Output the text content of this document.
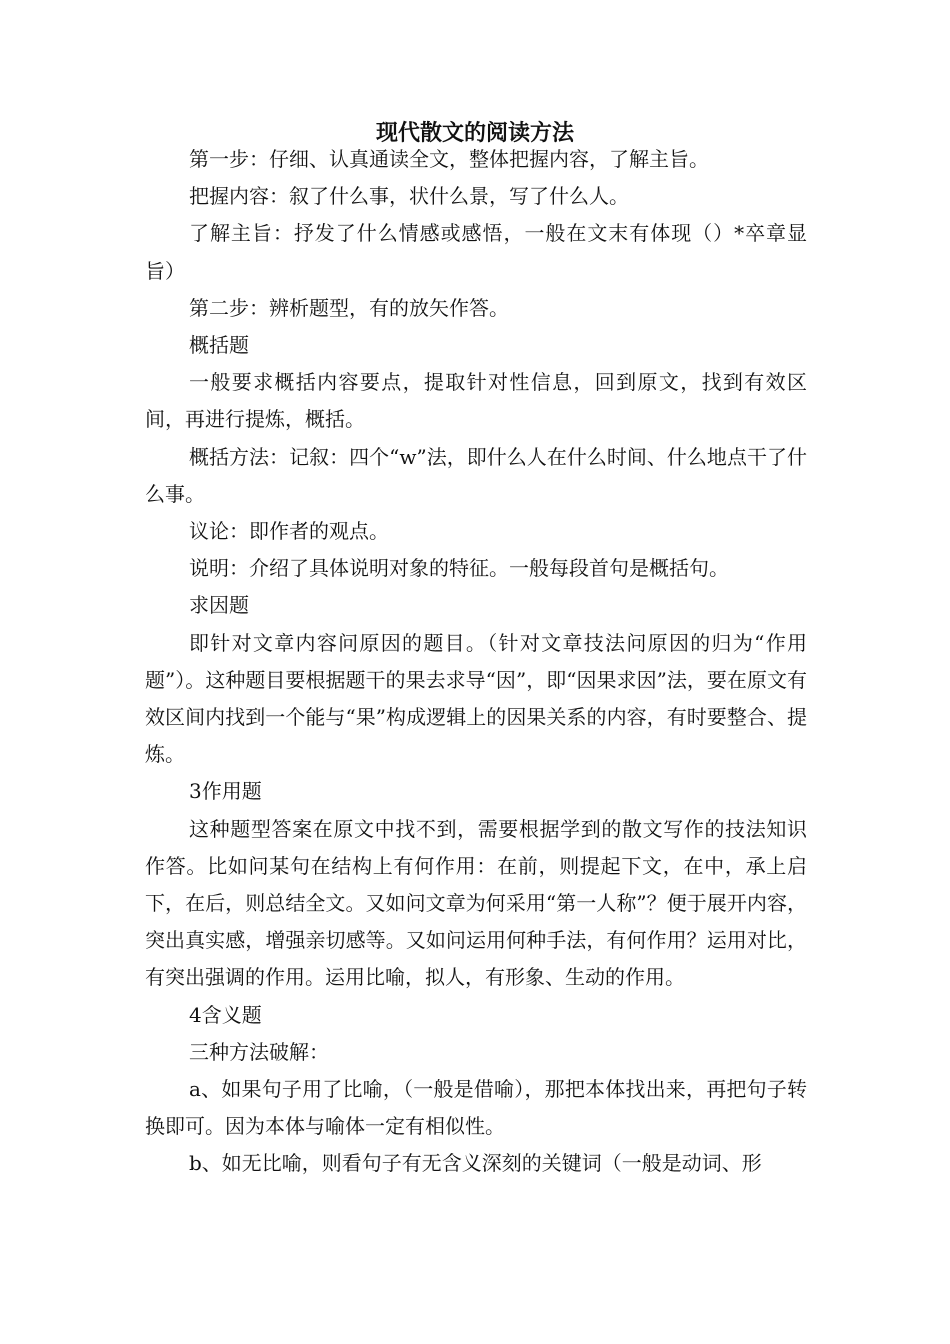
现代散文的阅读方法

第一步：仔细、认真通读全文，整体把握内容，了解主旨。

把握内容：叙了什么事，状什么景，写了什么人。

了解主旨：抒发了什么情感或感悟，一般在文末有体现（）*卒章显旨）

第二步：辨析题型，有的放矢作答。

概括题

一般要求概括内容要点，提取针对性信息，回到原文，找到有效区间，再进行提炼，概括。

概括方法：记叙：四个“w”法，即什么人在什么时间、什么地点干了什么事。

议论：即作者的观点。

说明：介绍了具体说明对象的特征。一般每段首句是概括句。

求因题

即针对文章内容问原因的题目。（针对文章技法问原因的归为“作用题”）。这种题目要根据题干的果去求导“因”，即“因果求因”法，要在原文有效区间内找到一个能与“果”构成逻辑上的因果关系的内容，有时要整合、提炼。

3作用题

这种题型答案在原文中找不到，需要根据学到的散文写作的技法知识作答。比如问某句在结构上有何作用：在前，则提起下文，在中，承上启下，在后，则总结全文。又如问文章为何采用“第一人称”？便于展开内容，突出真实感，增强亲切感等。又如问运用何种手法，有何作用？运用对比，有突出强调的作用。运用比喻，拟人，有形象、生动的作用。

4含义题

三种方法破解：

a、如果句子用了比喻，（一般是借喻），那把本体找出来，再把句子转换即可。因为本体与喻体一定有相似性。

b、如无比喻，则看句子有无含义深刻的关键词（一般是动词、形
